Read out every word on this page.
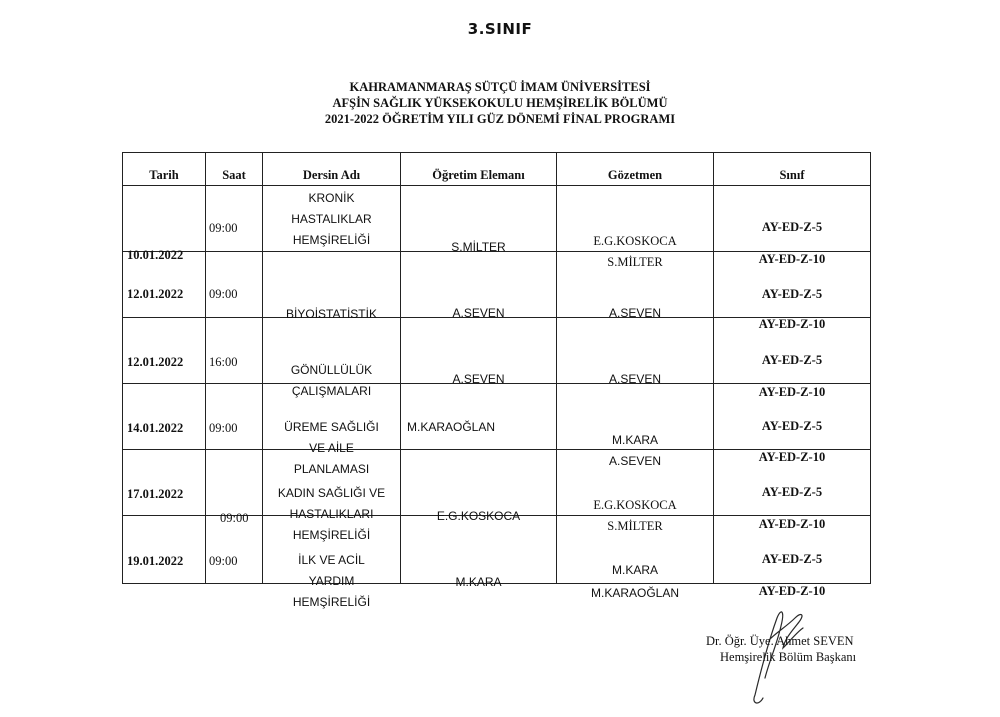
3.SINIF
KAHRAMANMARAŞ SÜTÇÜ İMAM ÜNİVERSİTESİ
AFŞİN SAĞLIK YÜKSEKOKULU HEMŞİRELİK BÖLÜMÜ
2021-2022 ÖĞRETİM YILI GÜZ DÖNEMİ FİNAL PROGRAMI
Tarih	Saat	Dersin Adı	Öğretim Elemanı	Gözetmen	Sınıf

10.01.2022	09:00	KRONİK
HASTALIKLAR
HEMŞİRELİĞİ	S.MİLTER	E.G.KOSKOCA
S.MİLTER	AY-ED-Z-5
AY-ED-Z-10

12.01.2022	09:00	BİYOİSTATİSTİK	A.SEVEN	A.SEVEN	AY-ED-Z-5
AY-ED-Z-10

12.01.2022	16:00	GÖNÜLLÜLÜK
ÇALIŞMALARI	A.SEVEN	A.SEVEN	AY-ED-Z-5
AY-ED-Z-10

14.01.2022	09:00	ÜREME SAĞLIĞI
VE AİLE
PLANLAMASI	M.KARAOĞLAN	M.KARA
A.SEVEN	AY-ED-Z-5
AY-ED-Z-10

17.01.2022	09:00	KADIN SAĞLIĞI VE
HASTALIKLARI
HEMŞİRELİĞİ	E.G.KOSKOCA	E.G.KOSKOCA
S.MİLTER	AY-ED-Z-5
AY-ED-Z-10

19.01.2022	09:00	İLK VE ACİL
YARDIM
HEMŞİRELİĞİ	M.KARA	M.KARA
M.KARAOĞLAN	AY-ED-Z-5
AY-ED-Z-10
Dr. Öğr. Üye. Ahmet SEVEN
Hemşirelik Bölüm Başkanı
